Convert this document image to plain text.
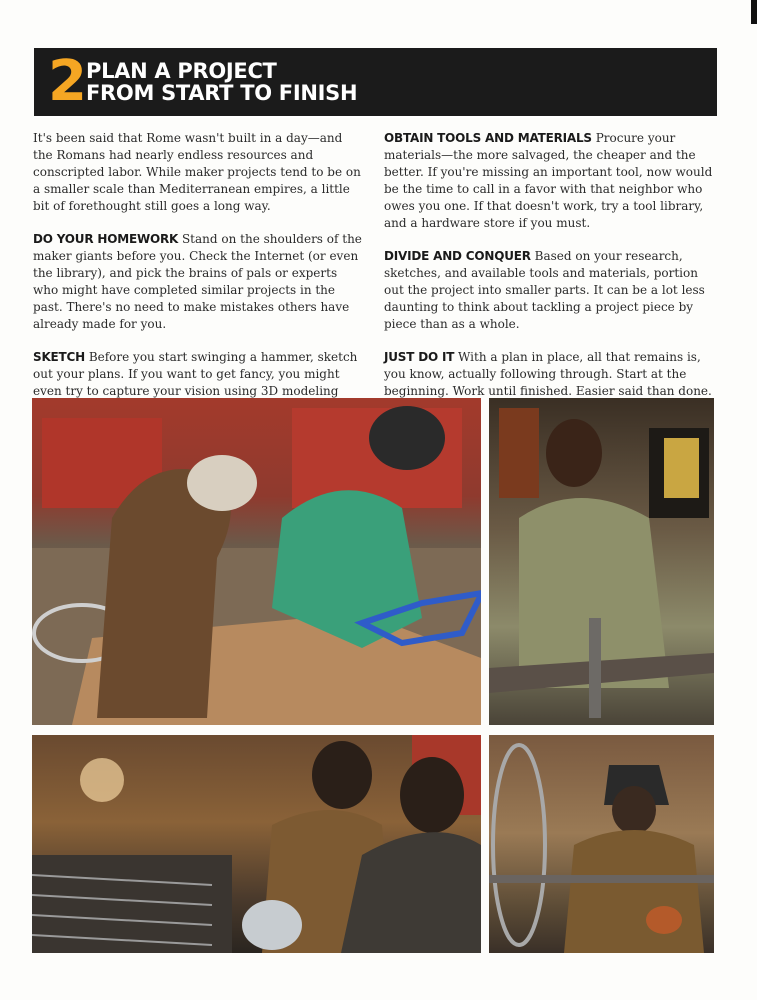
2 PLAN A PROJECT
FROM START TO FINISH

It's been said that Rome wasn't built in a day—and the Romans had nearly endless resources and conscripted labor. While maker projects tend to be on a smaller scale than Mediterranean empires, a little bit of forethought still goes a long way.

DO YOUR HOMEWORK Stand on the shoulders of the maker giants before you. Check the Internet (or even the library), and pick the brains of pals or experts who might have completed similar projects in the past. There's no need to make mistakes others have already made for you.

SKETCH Before you start swinging a hammer, sketch out your plans. If you want to get fancy, you might even try to capture your vision using 3D modeling

OBTAIN TOOLS AND MATERIALS Procure your materials—the more salvaged, the cheaper and the better. If you're missing an important tool, now would be the time to call in a favor with that neighbor who owes you one. If that doesn't work, try a tool library, and a hardware store if you must.

DIVIDE AND CONQUER Based on your research, sketches, and available tools and materials, portion out the project into smaller parts. It can be a lot less daunting to think about tackling a project piece by piece than as a whole.

JUST DO IT With a plan in place, all that remains is, you know, actually following through. Start at the beginning. Work until finished. Easier said than done.
